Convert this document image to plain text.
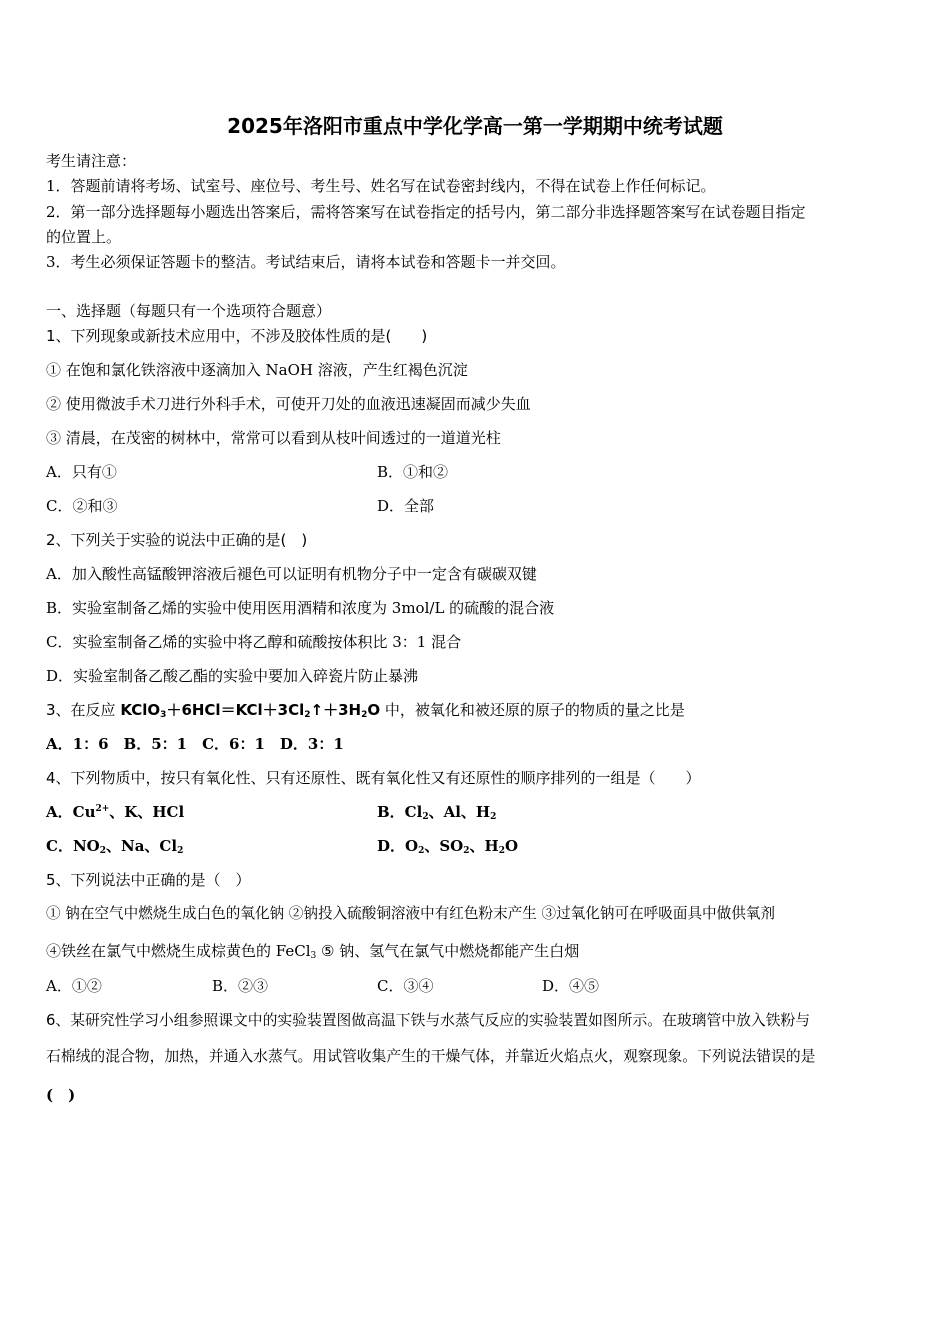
2025年洛阳市重点中学化学高一第一学期期中统考试题
考生请注意：
1．答题前请将考场、试室号、座位号、考生号、姓名写在试卷密封线内，不得在试卷上作任何标记。
2．第一部分选择题每小题选出答案后，需将答案写在试卷指定的括号内，第二部分非选择题答案写在试卷题目指定
的位置上。
3．考生必须保证答题卡的整洁。考试结束后，请将本试卷和答题卡一并交回。
一、选择题（每题只有一个选项符合题意）
1、下列现象或新技术应用中，不涉及胶体性质的是(　　)
① 在饱和氯化铁溶液中逐滴加入 NaOH 溶液，产生红褐色沉淀
② 使用微波手术刀进行外科手术，可使开刀处的血液迅速凝固而减少失血
③ 清晨，在茂密的树林中，常常可以看到从枝叶间透过的一道道光柱
A．只有①	B．①和②
C．②和③	D．全部
2、下列关于实验的说法中正确的是(　)
A．加入酸性高锰酸钾溶液后褪色可以证明有机物分子中一定含有碳碳双键
B．实验室制备乙烯的实验中使用医用酒精和浓度为 3mol/L 的硫酸的混合液
C．实验室制备乙烯的实验中将乙醇和硫酸按体积比 3：1 混合
D．实验室制备乙酸乙酯的实验中要加入碎瓷片防止暴沸
3、在反应 $KClO_3+6HCl=KCl+3Cl_2↑+3H_2O$ 中，被氧化和被还原的原子的物质的量之比是
A．1：6　B．5：1　C．6：1　D．3：1
4、下列物质中，按只有氧化性、只有还原性、既有氧化性又有还原性的顺序排列的一组是（　　）
A．$Cu^{2+}$、K、HCl	B．$Cl_2$、Al、$H_2$
C．$NO_2$、Na、$Cl_2$	D．$O_2$、$SO_2$、$H_2O$
5、下列说法中正确的是（　）
① 钠在空气中燃烧生成白色的氧化钠 ②钠投入硫酸铜溶液中有红色粉末产生 ③过氧化钠可在呼吸面具中做供氧剂
④铁丝在氯气中燃烧生成棕黄色的 FeCl$_3$ ⑤ 钠、氢气在氯气中燃烧都能产生白烟
A．①②	B．②③	C．③④	D．④⑤
6、某研究性学习小组参照课文中的实验装置图做高温下铁与水蒸气反应的实验装置如图所示。在玻璃管中放入铁粉与
石棉绒的混合物，加热，并通入水蒸气。用试管收集产生的干燥气体，并靠近火焰点火，观察现象。下列说法错误的是
(　)
